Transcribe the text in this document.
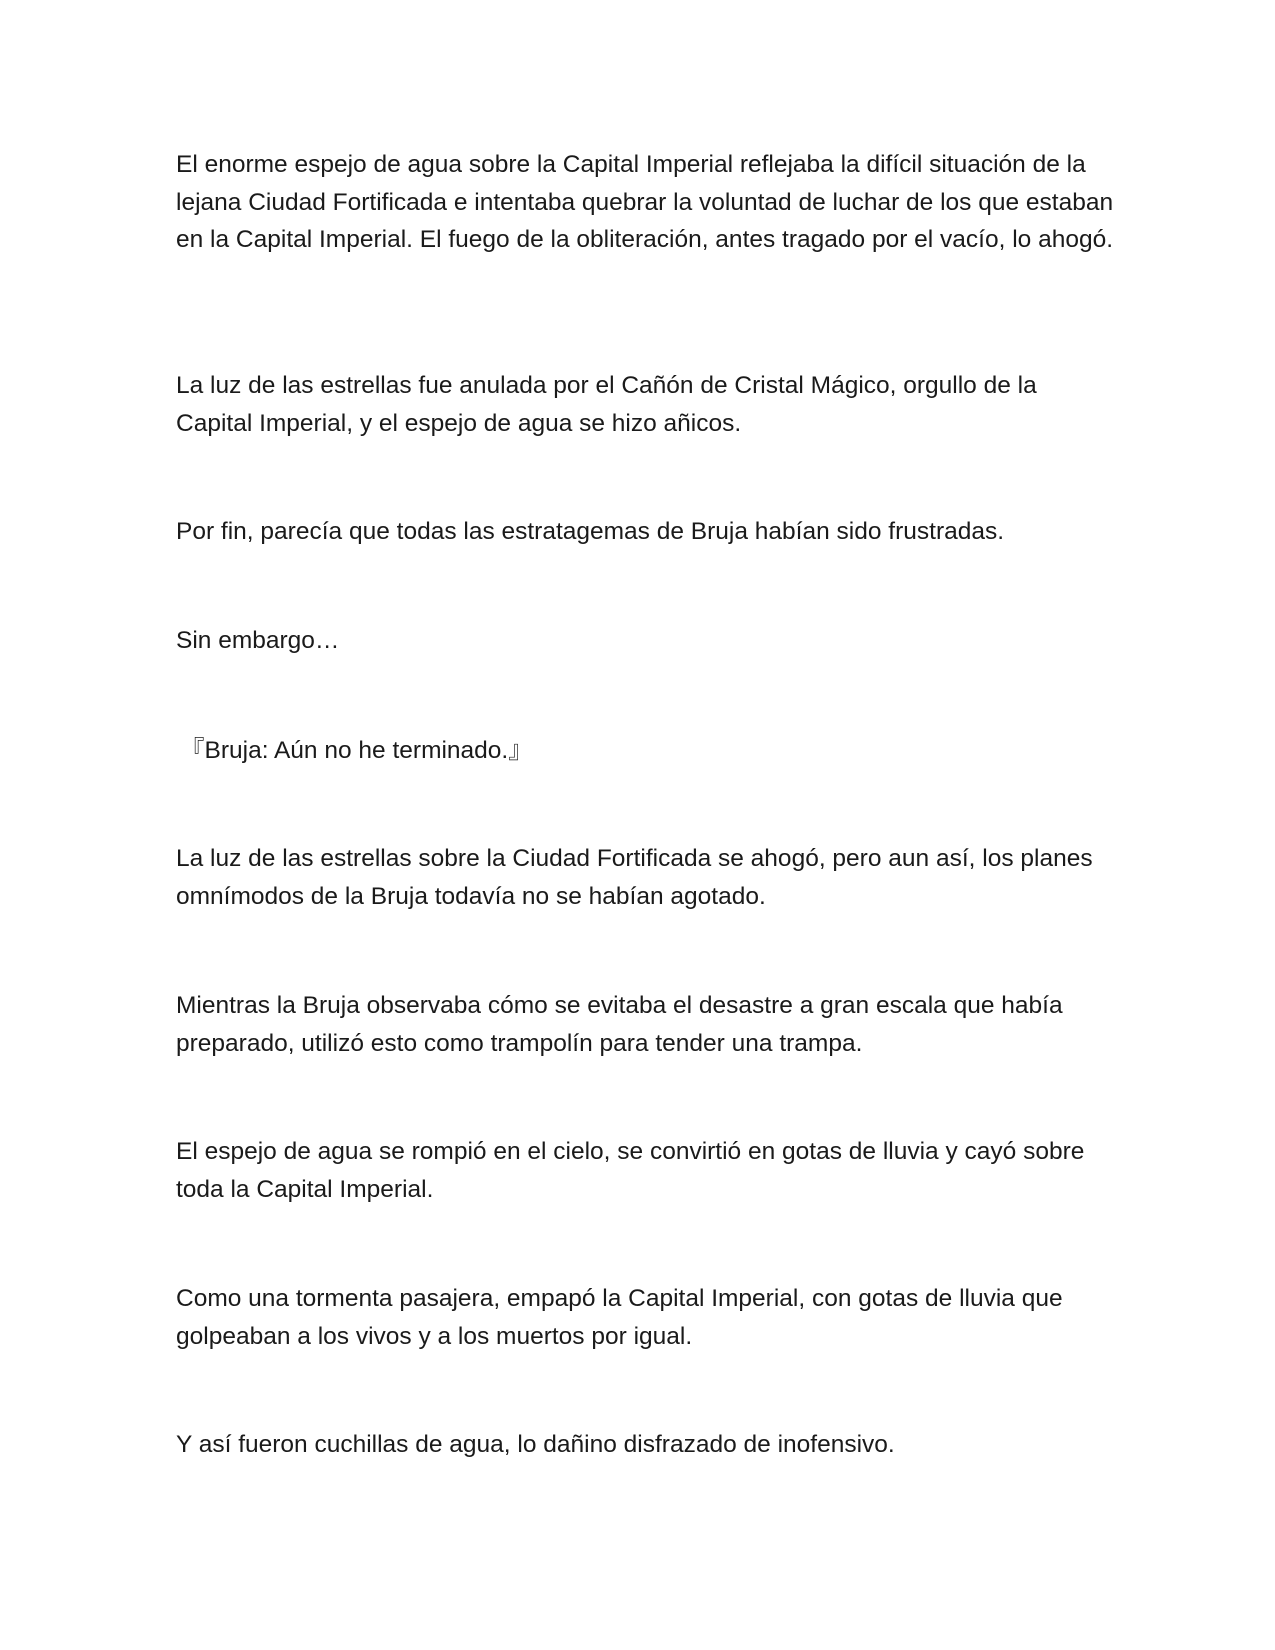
El enorme espejo de agua sobre la Capital Imperial reflejaba la difícil situación de la lejana Ciudad Fortificada e intentaba quebrar la voluntad de luchar de los que estaban en la Capital Imperial. El fuego de la obliteración, antes tragado por el vacío, lo ahogó.

La luz de las estrellas fue anulada por el Cañón de Cristal Mágico, orgullo de la Capital Imperial, y el espejo de agua se hizo añicos.

Por fin, parecía que todas las estratagemas de Bruja habían sido frustradas.

Sin embargo…

『Bruja: Aún no he terminado.』

La luz de las estrellas sobre la Ciudad Fortificada se ahogó, pero aun así, los planes omnímodos de la Bruja todavía no se habían agotado.

Mientras la Bruja observaba cómo se evitaba el desastre a gran escala que había preparado, utilizó esto como trampolín para tender una trampa.

El espejo de agua se rompió en el cielo, se convirtió en gotas de lluvia y cayó sobre toda la Capital Imperial.

Como una tormenta pasajera, empapó la Capital Imperial, con gotas de lluvia que golpeaban a los vivos y a los muertos por igual.

Y así fueron cuchillas de agua, lo dañino disfrazado de inofensivo.
